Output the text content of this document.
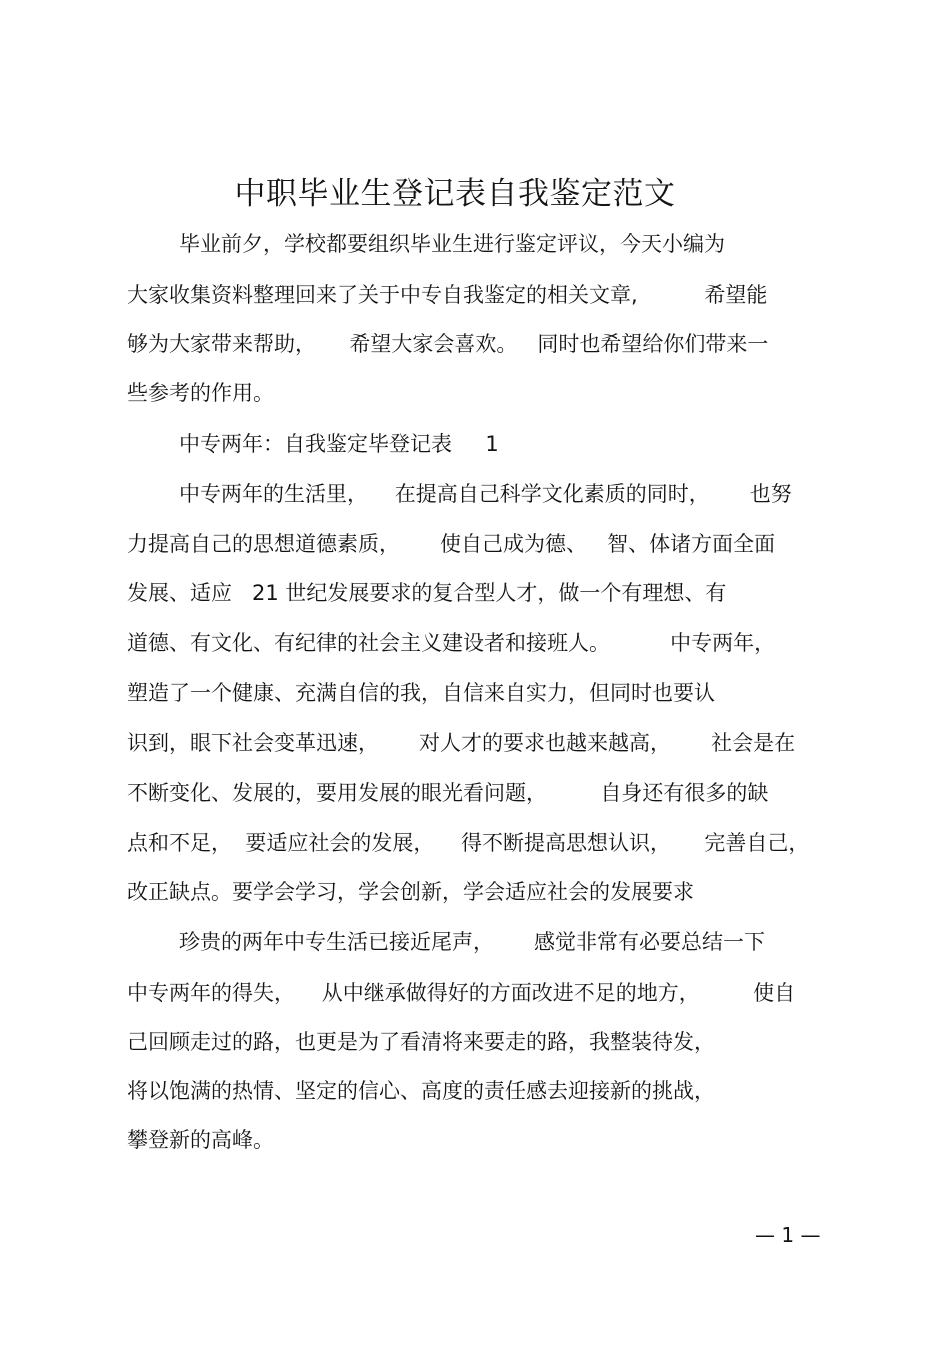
中职毕业生登记表自我鉴定范文
毕业前夕，学校都要组织毕业生进行鉴定评议，今天小编为
大家收集资料整理回来了关于中专自我鉴定的相关文章,          希望能
够为大家带来帮助，     希望大家会喜欢。   同时也希望给你们带来一
些参考的作用。
中专两年：自我鉴定毕登记表     1
中专两年的生活里，    在提高自己科学文化素质的同时，      也努
力提高自己的思想道德素质，      使自己成为德、   智、体诸方面全面
发展、适应   21 世纪发展要求的复合型人才，做一个有理想、有
道德、有文化、有纪律的社会主义建设者和接班人。         中专两年，
塑造了一个健康、充满自信的我，自信来自实力，但同时也要认
识到，眼下社会变革迅速，      对人才的要求也越来越高，      社会是在
不断变化、发展的，要用发展的眼光看问题，        自身还有很多的缺
点和不足，  要适应社会的发展，    得不断提高思想认识，     完善自己，
改正缺点。要学会学习，学会创新，学会适应社会的发展要求
珍贵的两年中专生活已接近尾声，      感觉非常有必要总结一下
中专两年的得失，    从中继承做得好的方面改进不足的地方，        使自
己回顾走过的路，也更是为了看清将来要走的路，我整装待发，
将以饱满的热情、坚定的信心、高度的责任感去迎接新的挑战，
攀登新的高峰。
— 1 —
